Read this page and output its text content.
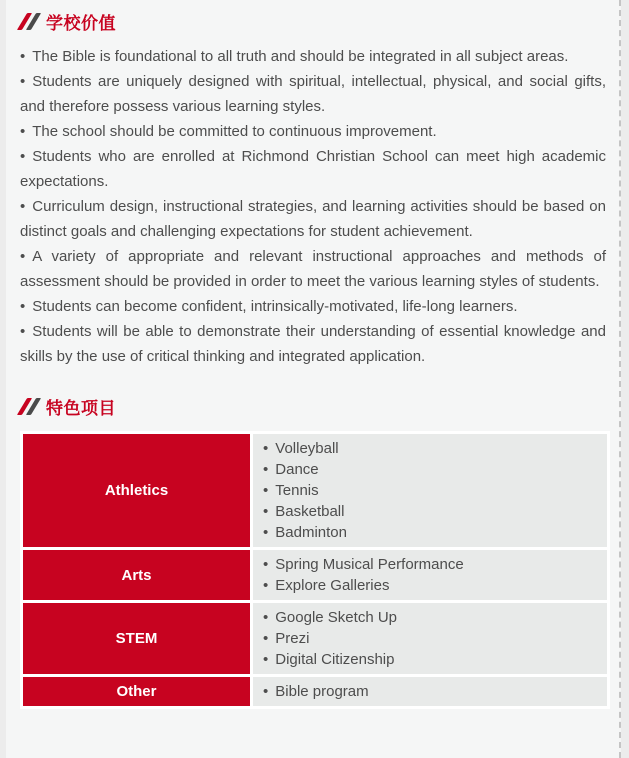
学校价值

• The Bible is foundational to all truth and should be integrated in all subject areas.

• Students are uniquely designed with spiritual, intellectual, physical, and social gifts, and therefore possess various learning styles.

• The school should be committed to continuous improvement.

• Students who are enrolled at Richmond Christian School can meet high academic expectations.

• Curriculum design, instructional strategies, and learning activities should be based on distinct goals and challenging expectations for student achievement.

• A variety of appropriate and relevant instructional approaches and methods of assessment should be provided in order to meet the various learning styles of students.

• Students can become confident, intrinsically-motivated, life-long learners.

• Students will be able to demonstrate their understanding of essential knowledge and skills by the use of critical thinking and integrated application.

特色项目
Athletics	
• Volleyball
• Dance
• Tennis
• Basketball
• Badminton

Arts	
• Spring Musical Performance
• Explore Galleries

STEM	
• Google Sketch Up
• Prezi
• Digital Citizenship

Other	• Bible program
